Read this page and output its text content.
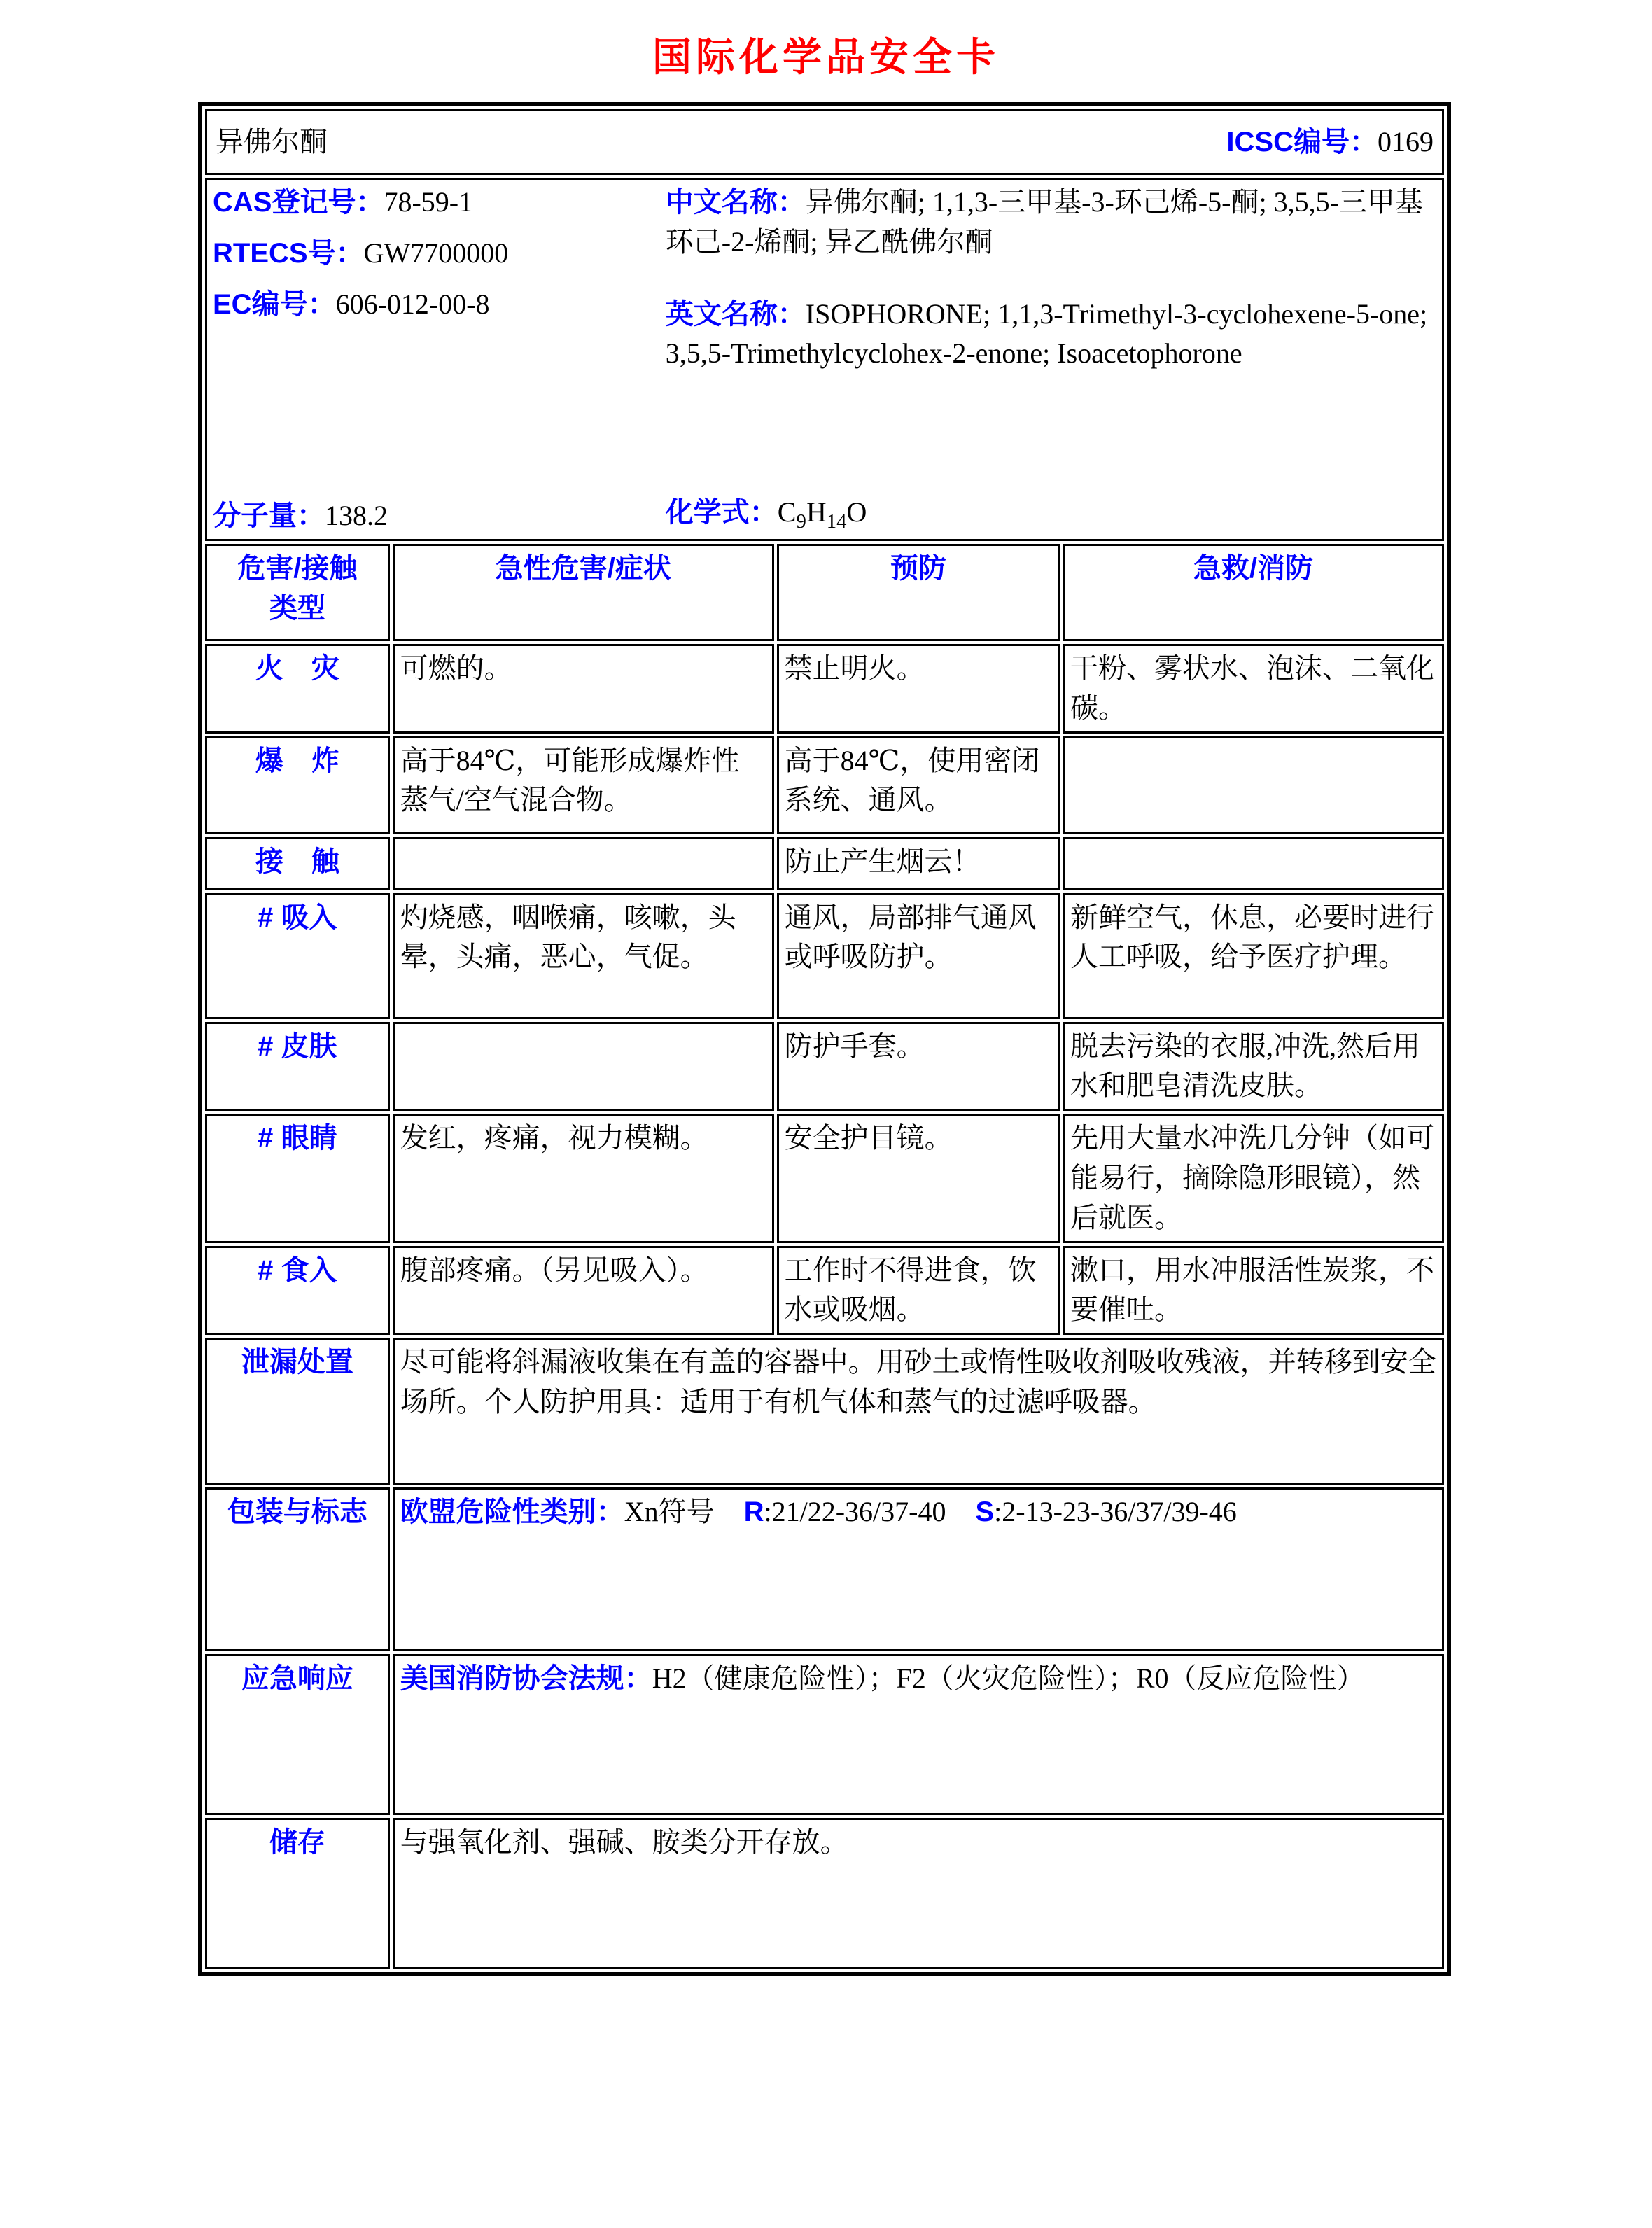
国际化学品安全卡
异佛尔酮 ICSC编号：0169			

CAS登记号：78-59-1
RTECS号：GW7700000
EC编号：606-012-00-8
分子量：138.2
中文名称：异佛尔酮; 1,1,3-三甲基-3-环己烯-5-酮; 3,5,5-三甲基环己-2-烯酮; 异乙酰佛尔酮
英文名称：ISOPHORONE; 1,1,3-Trimethyl-3-cyclohexene-5-one; 3,5,5-Trimethylcyclohex-2-enone; Isoacetophorone
化学式：$C_9H_{14}O$

危害/接触
类型	急性危害/症状	预防	急救/消防
火　灾	可燃的。	禁止明火。	干粉、雾状水、泡沫、二氧化碳。
爆　炸	高于84℃，可能形成爆炸性蒸气/空气混合物。	高于84℃，使用密闭系统、通风。	
接　触		防止产生烟云！	
# 吸入	灼烧感，咽喉痛，咳嗽，头晕，头痛，恶心，气促。	通风，局部排气通风或呼吸防护。	新鲜空气，休息，必要时进行人工呼吸，给予医疗护理。
# 皮肤		防护手套。	脱去污染的衣服,冲洗,然后用水和肥皂清洗皮肤。
# 眼睛	发红，疼痛，视力模糊。	安全护目镜。	先用大量水冲洗几分钟（如可能易行，摘除隐形眼镜），然后就医。
# 食入	腹部疼痛。（另见吸入）。	工作时不得进食，饮水或吸烟。	漱口，用水冲服活性炭浆，不要催吐。
泄漏处置	尽可能将斜漏液收集在有盖的容器中。用砂土或惰性吸收剂吸收残液，并转移到安全场所。个人防护用具：适用于有机气体和蒸气的过滤呼吸器。		
包装与标志	欧盟危险性类别：Xn符号 R:21/22-36/37-40 S:2-13-23-36/37/39-46		
应急响应	美国消防协会法规：H2（健康危险性）；F2（火灾危险性）；R0（反应危险性）		
储存	与强氧化剂、强碱、胺类分开存放。		
